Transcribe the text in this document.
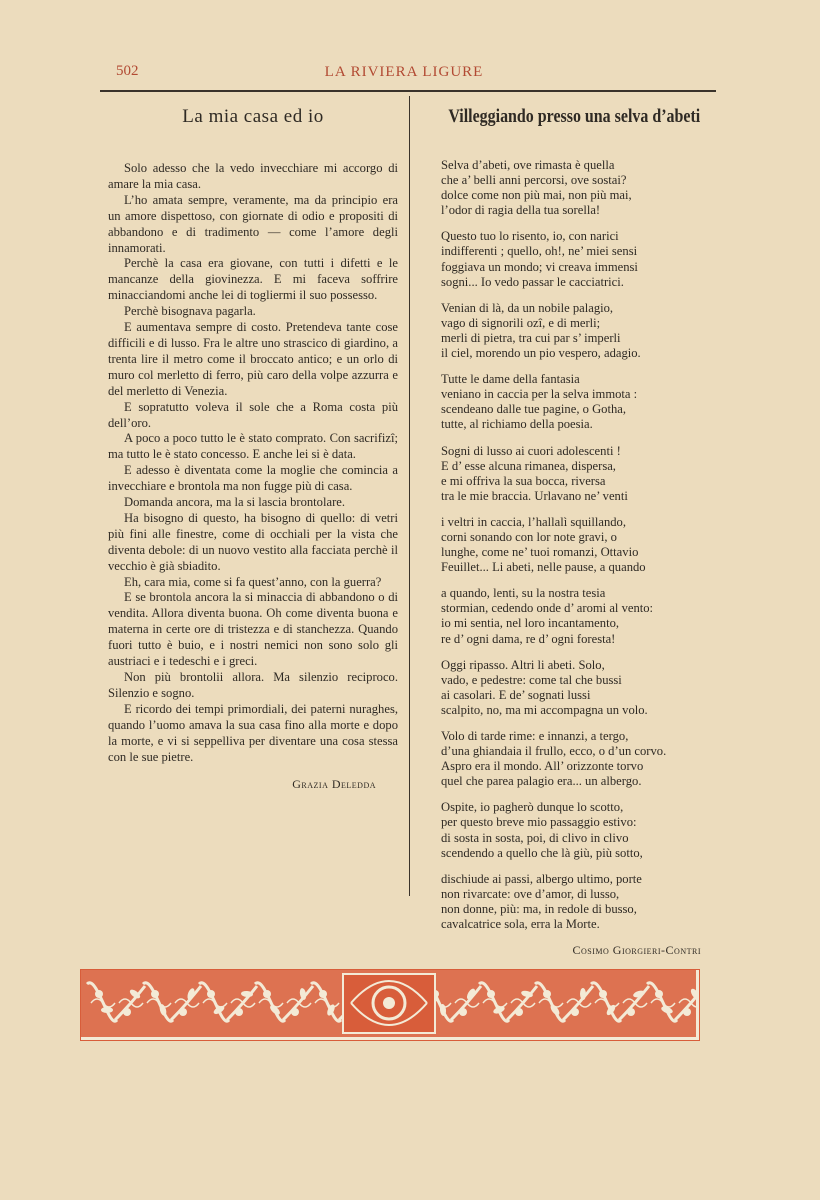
502	LA RIVIERA LIGURE
La mia casa ed io

Solo adesso che la vedo invecchiare mi accorgo di amare la mia casa.

L’ho amata sempre, veramente, ma da principio era un amore dispettoso, con giornate di odio e propositi di abbandono e di tradimento — come l’amore degli innamorati.

Perchè la casa era giovane, con tutti i difetti e le mancanze della giovinezza. E mi faceva soffrire minacciandomi anche lei di togliermi il suo possesso.

Perchè bisognava pagarla.

E aumentava sempre di costo. Pretendeva tante cose difficili e di lusso. Fra le altre uno strascico di giardino, a trenta lire il metro come il broccato antico; e un orlo di muro col merletto di ferro, più caro della volpe azzurra e del merletto di Venezia.

E sopratutto voleva il sole che a Roma costa più dell’oro.

A poco a poco tutto le è stato comprato. Con sacrifizî; ma tutto le è stato concesso. E anche lei si è data.

E adesso è diventata come la moglie che comincia a invecchiare e brontola ma non fugge più di casa.

Domanda ancora, ma la si lascia brontolare.

Ha bisogno di questo, ha bisogno di quello: di vetri più fini alle finestre, come di occhiali per la vista che diventa debole: di un nuovo vestito alla facciata perchè il vecchio è già sbiadito.

Eh, cara mia, come si fa quest’anno, con la guerra?

E se brontola ancora la si minaccia di abbandono o di vendita. Allora diventa buona. Oh come diventa buona e materna in certe ore di tristezza e di stanchezza. Quando fuori tutto è buio, e i nostri nemici non sono solo gli austriaci e i tedeschi e i greci.

Non più brontolii allora. Ma silenzio reciproco. Silenzio e sogno.

E ricordo dei tempi primordiali, dei paterni nuraghes, quando l’uomo amava la sua casa fino alla morte e dopo la morte, e vi si seppelliva per diventare una cosa stessa con le sue pietre.

Grazia Deledda
Villeggiando presso una selva d’abeti
Selva d’abeti, ove rimasta è quella
che a’ belli anni percorsi, ove sostai?
dolce come non più mai, non più mai,
l’odor di ragia della tua sorella!
Questo tuo lo risento, io, con narici
indifferenti ; quello, oh!, ne’ miei sensi
foggiava un mondo; vi creava immensi
sogni... Io vedo passar le cacciatrici.
Venian di là, da un nobile palagio,
vago di signorili ozî, e di merli;
merli di pietra, tra cui par s’ imperli
il ciel, morendo un pio vespero, adagio.
Tutte le dame della fantasia
veniano in caccia per la selva immota :
scendeano dalle tue pagine, o Gotha,
tutte, al richiamo della poesia.
Sogni di lusso ai cuori adolescenti !
E d’ esse alcuna rimanea, dispersa,
e mi offriva la sua bocca, riversa
tra le mie braccia. Urlavano ne’ venti
i veltri in caccia, l’hallalì squillando,
corni sonando con lor note gravi, o
lunghe, come ne’ tuoi romanzi, Ottavio
Feuillet... Li abeti, nelle pause, a quando
a quando, lenti, su la nostra tesia
stormian, cedendo onde d’ aromi al vento:
io mi sentia, nel loro incantamento,
re d’ ogni dama, re d’ ogni foresta!
Oggi ripasso. Altri li abeti. Solo,
vado, e pedestre: come tal che bussi
ai casolari. E de’ sognati lussi
scalpito, no, ma mi accompagna un volo.
Volo di tarde rime: e innanzi, a tergo,
d’una ghiandaia il frullo, ecco, o d’un corvo.
Aspro era il mondo. All’ orizzonte torvo
quel che parea palagio era... un albergo.
Ospite, io pagherò dunque lo scotto,
per questo breve mio passaggio estivo:
di sosta in sosta, poi, di clivo in clivo
scendendo a quello che là giù, più sotto,
dischiude ai passi, albergo ultimo, porte
non rivarcate: ove d’amor, di lusso,
non donne, più: ma, in redole di busso,
cavalcatrice sola, erra la Morte.
Cosimo Giorgieri-Contri
